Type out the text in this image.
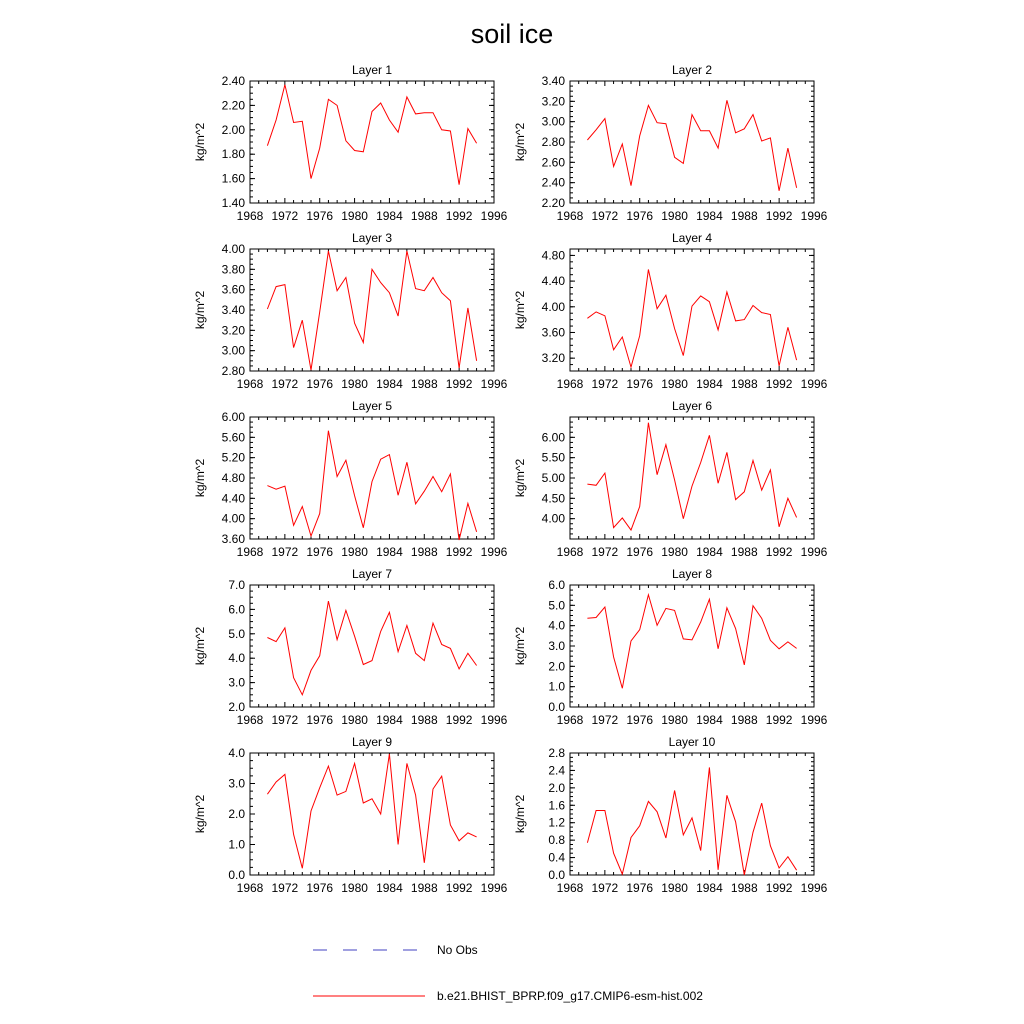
soil ice
Layer 1
1968 1972 1976 1980 1984 1988 1992 1996
1.40
1.60
1.80
2.00
2.20
2.40
kg/m^2
Layer 2
1968 1972 1976 1980 1984 1988 1992 1996
2.20
2.40
2.60
2.80
3.00
3.20
3.40
kg/m^2
Layer 3
1968 1972 1976 1980 1984 1988 1992 1996
2.80
3.00
3.20
3.40
3.60
3.80
4.00
kg/m^2
Layer 4
1968 1972 1976 1980 1984 1988 1992 1996
3.20
3.60
4.00
4.40
4.80
kg/m^2
Layer 5
1968 1972 1976 1980 1984 1988 1992 1996
3.60
4.00
4.40
4.80
5.20
5.60
6.00
kg/m^2
Layer 6
1968 1972 1976 1980 1984 1988 1992 1996
4.00
4.50
5.00
5.50
6.00
kg/m^2
Layer 7
1968 1972 1976 1980 1984 1988 1992 1996
2.0
3.0
4.0
5.0
6.0
7.0
kg/m^2
Layer 8
1968 1972 1976 1980 1984 1988 1992 1996
0.0
1.0
2.0
3.0
4.0
5.0
6.0
kg/m^2
Layer 9
1968 1972 1976 1980 1984 1988 1992 1996
0.0
1.0
2.0
3.0
4.0
kg/m^2
Layer 10
1968 1972 1976 1980 1984 1988 1992 1996
0.0
0.4
0.8
1.2
1.6
2.0
2.4
2.8
kg/m^2
No Obs
b.e21.BHIST_BPRP.f09_g17.CMIP6-esm-hist.002
